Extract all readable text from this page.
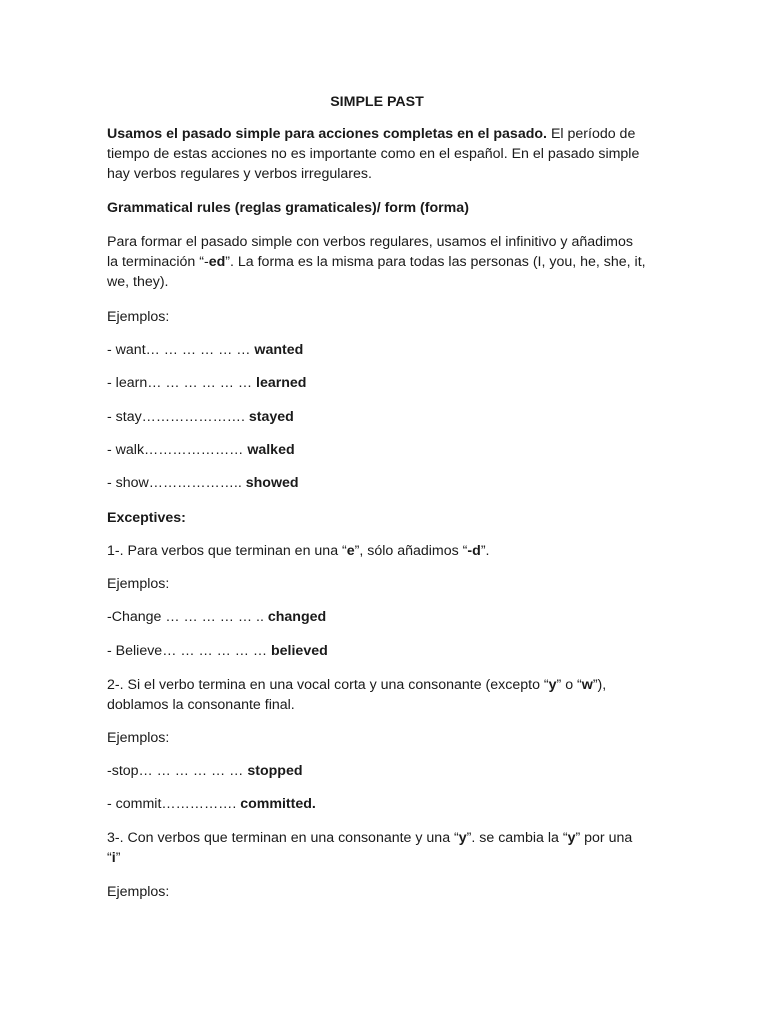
SIMPLE PAST
Usamos el pasado simple para acciones completas en el pasado. El período de tiempo de estas acciones no es importante como en el español. En el pasado simple hay verbos regulares y verbos irregulares.
Grammatical rules (reglas gramaticales)/ form (forma)
Para formar el pasado simple con verbos regulares, usamos el infinitivo y añadimos la terminación “-ed”. La forma es la misma para todas las personas (I, you, he, she, it, we, they).
Ejemplos:
- want… … … … … … wanted
- learn… … … … … … learned
- stay…………………. stayed
- walk………………… walked
- show……………….. showed
Exceptives:
1-. Para verbos que terminan en una “e”, sólo añadimos “-d”.
Ejemplos:
-Change … … … … … .. changed
- Believe… … … … … … believed
2-. Si el verbo termina en una vocal corta y una consonante (excepto “y” o “w”), doblamos la consonante final.
Ejemplos:
-stop… … … … … … stopped
- commit……………. committed.
3-. Con verbos que terminan en una consonante y una “y”. se cambia la “y” por una “i”
Ejemplos:
